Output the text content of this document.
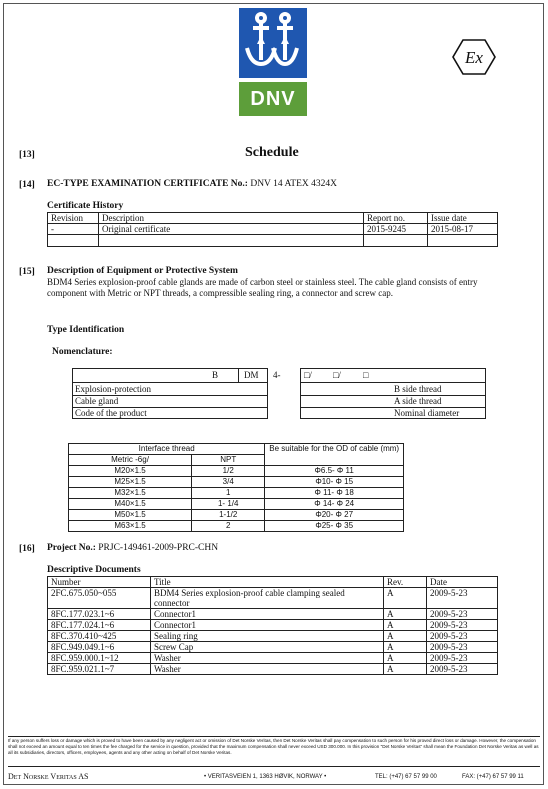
DNV
Ex
[13]	Schedule
[14] EC-TYPE EXAMINATION CERTIFICATE No.: DNV 14 ATEX 4324X
Certificate History
Revision	Description	Report no.	Issue date
-	Original certificate	2015-9245	2015-08-17

[15] Description of Equipment or Protective System
BDM4 Series explosion-proof cable glands are made of carbon steel or stainless steel. The cable gland consists of entry component with Metric or NPT threads, a compressible sealing ring, a connector and screw cap.
Type Identification
Nomenclature:
B	DM 4-	□/ □/ □
Explosion-protection
Cable gland
Code of the product
B side thread
A side thread
Nominal diameter
Interface thread		Be suitable for the OD of cable (mm)
Metric -6g/	NPT	
M20×1.5	1/2	Φ6.5- Φ 11
M25×1.5	3/4	Φ10- Φ 15
M32×1.5	1	Φ 11- Φ 18
M40×1.5	1- 1/4	Φ 14- Φ 24
M50×1.5	1-1/2	Φ20- Φ 27
M63×1.5	2	Φ25- Φ 35
[16] Project No.: PRJC-149461-2009-PRC-CHN
Descriptive Documents
Number	Title	Rev.	Date
2FC.675.050~055	BDM4 Series explosion-proof cable clamping sealed connector	A	2009-5-23
8FC.177.023.1~6	Connector1	A	2009-5-23
8FC.177.024.1~6	Connector1	A	2009-5-23
8FC.370.410~425	Sealing ring	A	2009-5-23
8FC.949.049.1~6	Screw Cap	A	2009-5-23
8FC.959.000.1~12	Washer	A	2009-5-23
8FC.959.021.1~7	Washer	A	2009-5-23
If any person suffers loss or damage which is proved to have been caused by any negligent act or omission of Det Norske Veritas, then Det Norske Veritas shall pay compensation to such person for his proved direct loss or damage. However, the compensation shall not exceed an amount equal to ten times the fee charged for the service in question, provided that the maximum compensation shall never exceed USD 300.000. In this provision "Det Norske Veritas" shall mean the Foundation Det Norske Veritas as well as all its subsidiaries, directors, officers, employees, agents and any other acting on behalf of Det Norske Veritas.
Det Norske Veritas AS	• VERITASVEIEN 1, 1363 HØVIK, NORWAY •	TEL: (+47) 67 57 99 00	FAX: (+47) 67 57 99 11
